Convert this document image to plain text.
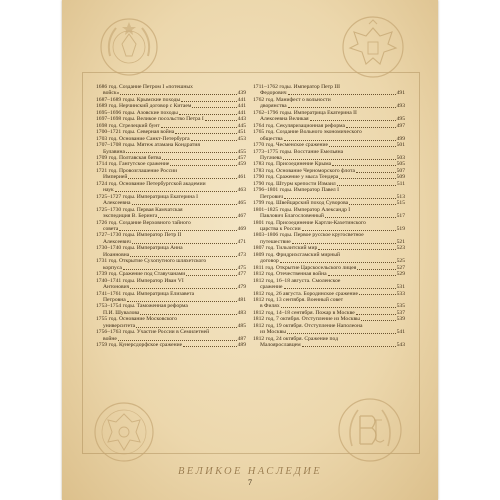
1686 год. Создание Петром I «потешных
войск»	439
1687–1689 годы. Крымские походы	441
1689 год. Нерчинский договор с Китаем	441
1695–1696 годы. Азовские походы	441
1697–1698 годы. Великое посольство Петра I	443
1698 год. Стрелецкий бунт	445
1700–1721 годы. Северная война	451
1703 год. Основание Санкт-Петербурга	453
1707–1708 годы. Мятеж атамана Кондратия
Булавина	455
1709 год. Полтавская битва	457
1714 год. Гангутское сражение	459
1721 год. Провозглашение России
Империей	461
1724 год. Основание Петербургской академии
наук	463
1725–1727 годы. Императрица Екатерина I
Алексеевна	465
1725–1730 годы. Первая Камчатская
экспедиция В. Беринга	467
1726 год. Создание Верховного тайного
совета	469
1727–1730 годы. Император Петр II
Алексеевич	471
1730–1740 годы. Императрица Анна
Иоанновна	473
1731 год. Открытие Сухопутного шляхетского
корпуса	475
1739 год. Сражение под Ставучанами	477
1740–1741 годы. Император Иван VI
Антонович	479
1741–1761 годы. Императрица Елизавета
Петровна	481
1753–1754 годы. Таможенная реформа
П.И. Шувалова	483
1755 год. Основание Московского
университета	485
1756–1763 годы. Участие России в Семилетней
войне	487
1759 год. Кунерсдорфское сражение	489
1711–1762 годы. Император Петр III
Федорович	491
1762 год. Манифест о вольности
дворянства	493
1762–1796 годы. Императрица Екатерина II
Алексеевна Великая	495
1764 год. Секуляризационная реформа	497
1765 год. Создание Вольного экономического
общества	499
1770 год. Чесменское сражение	501
1773–1775 годы. Восстание Емельяна
Пугачева	503
1783 год. Присоединение Крыма	505
1783 год. Основание Черноморского флота	507
1790 год. Сражение у мыса Тендера	509
1790 год. Штурм крепости Измаил	511
1796–1801 годы. Император Павел I
Петрович	513
1799 год. Швейцарский поход Суворова	515
1801–1825 годы. Император Александр I
Павлович Благословенный	517
1801 год. Присоединение Картли-Кахетинского
царства к России	519
1803–1806 годы. Первое русское кругосветное
путешествие	521
1807 год. Тильзитский мир	523
1809 год. Фридрихсгамский мирный
договор	525
1811 год. Открытие Царскосельского лицея	527
1812 год. Отечественная война	529
1812 год, 16–18 августа. Смоленское
сражение	531
1812 год, 26 августа. Бородинское сражение	533
1812 год, 13 сентября. Военный совет
в Филях	535
1812 год, 14–18 сентября. Пожар в Москве	537
1812 год, 7 октября. Отступление из Москвы	539
1812 год, 19 октября. Отступление Наполеона
из Москвы	541
1812 год, 24 октября. Сражение под
Малоярославцем	543
ВЕЛИКОЕ НАСЛЕДИЕ
7
